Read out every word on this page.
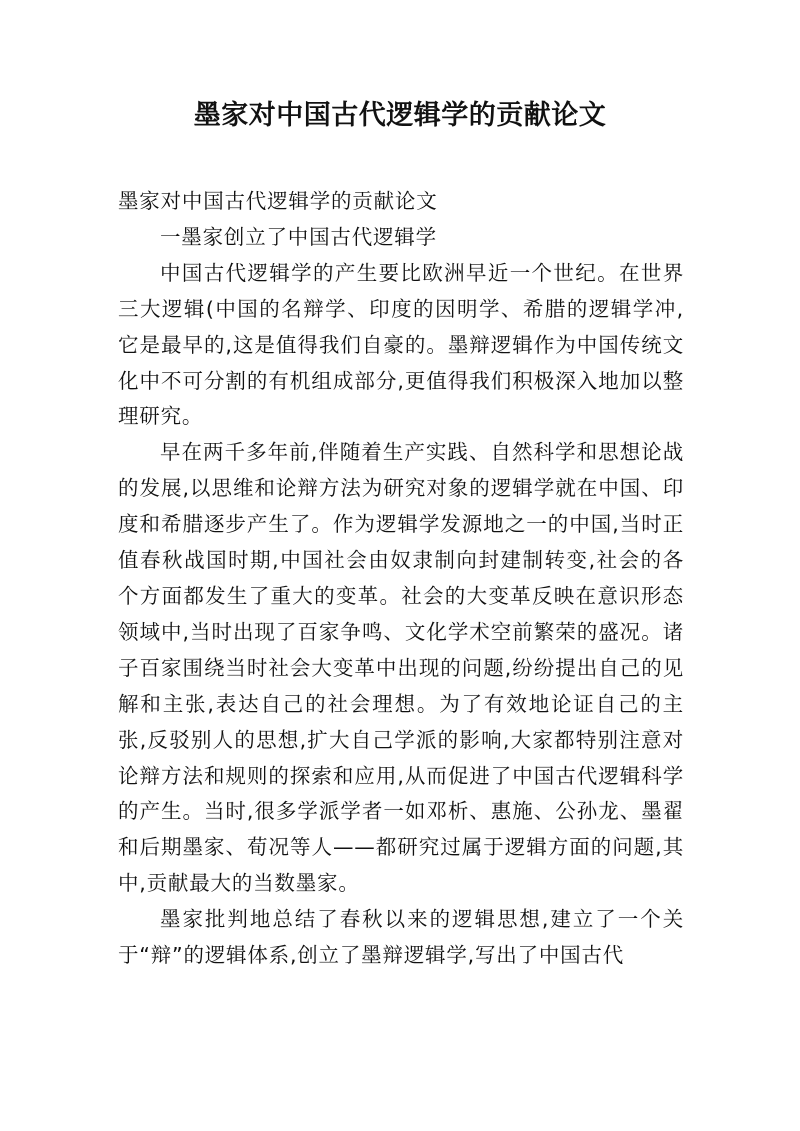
墨家对中国古代逻辑学的贡献论文

墨家对中国古代逻辑学的贡献论文

一墨家创立了中国古代逻辑学

中国古代逻辑学的产生要比欧洲早近一个世纪。在世界三大逻辑(中国的名辩学、印度的因明学、希腊的逻辑学冲,它是最早的,这是值得我们自豪的。墨辩逻辑作为中国传统文化中不可分割的有机组成部分,更值得我们积极深入地加以整理研究。

早在两千多年前,伴随着生产实践、自然科学和思想论战的发展,以思维和论辩方法为研究对象的逻辑学就在中国、印度和希腊逐步产生了。作为逻辑学发源地之一的中国,当时正值春秋战国时期,中国社会由奴隶制向封建制转变,社会的各个方面都发生了重大的变革。社会的大变革反映在意识形态领域中,当时出现了百家争鸣、文化学术空前繁荣的盛况。诸子百家围绕当时社会大变革中出现的问题,纷纷提出自己的见解和主张,表达自己的社会理想。为了有效地论证自己的主张,反驳别人的思想,扩大自己学派的影响,大家都特别注意对论辩方法和规则的探索和应用,从而促进了中国古代逻辑科学的产生。当时,很多学派学者一如邓析、惠施、公孙龙、墨翟和后期墨家、荀况等人——都研究过属于逻辑方面的问题,其中,贡献最大的当数墨家。

墨家批判地总结了春秋以来的逻辑思想,建立了一个关于“辩”的逻辑体系,创立了墨辩逻辑学,写出了中国古代
